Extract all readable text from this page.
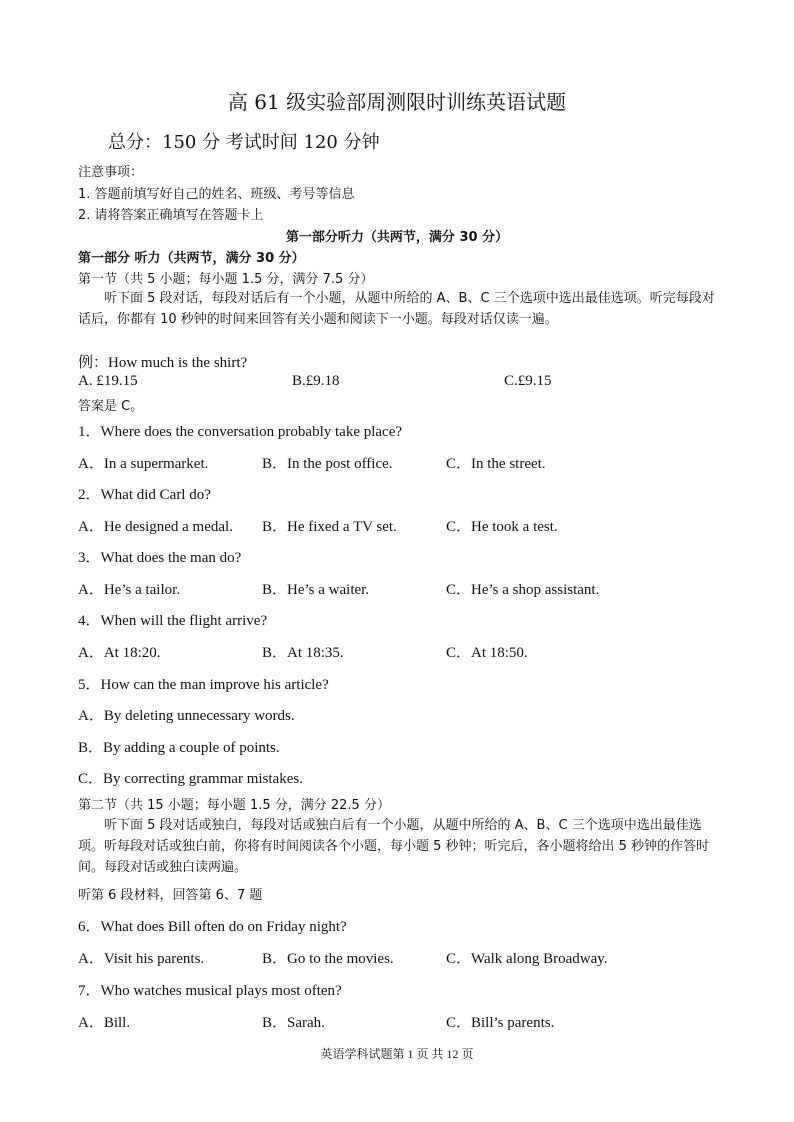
高 61 级实验部周测限时训练英语试题
总分：150 分 考试时间 120 分钟
注意事项：
1. 答题前填写好自己的姓名、班级、考号等信息
2. 请将答案正确填写在答题卡上
第一部分听力（共两节，满分 30 分）
第一部分 听力（共两节，满分 30 分）
第一节（共 5 小题；每小题 1.5 分，满分 7.5 分）
听下面 5 段对话，每段对话后有一个小题，从题中所给的 A、B、C 三个选项中选出最佳选项。听完每段对话后，你都有 10 秒钟的时间来回答有关小题和阅读下一小题。每段对话仅读一遍。
例：How much is the shirt?
A. £19.15	B.£9.18	C.£9.15
答案是 C。
1．Where does the conversation probably take place?
A．In a supermarket.	B．In the post office.	C．In the street.
2．What did Carl do?
A．He designed a medal. B．He fixed a TV set.	C．He took a test.
3．What does the man do?
A．He’s a tailor.	B．He’s a waiter.	C．He’s a shop assistant.
4．When will the flight arrive?
A．At 18:20.	B．At 18:35.	C．At 18:50.
5．How can the man improve his article?
A．By deleting unnecessary words.
B．By adding a couple of points.
C．By correcting grammar mistakes.
第二节（共 15 小题；每小题 1.5 分，满分 22.5 分）
听下面 5 段对话或独白，每段对话或独白后有一个小题，从题中所给的 A、B、C 三个选项中选出最佳选项。听每段对话或独白前，你将有时间阅读各个小题，每小题 5 秒钟；听完后，各小题将给出 5 秒钟的作答时间。每段对话或独白读两遍。
听第 6 段材料，回答第 6、7 题
6．What does Bill often do on Friday night?
A．Visit his parents.	B．Go to the movies.	C．Walk along Broadway.
7．Who watches musical plays most often?
A．Bill.	B．Sarah.	C．Bill’s parents.
英语学科试题第 1 页 共 12 页
